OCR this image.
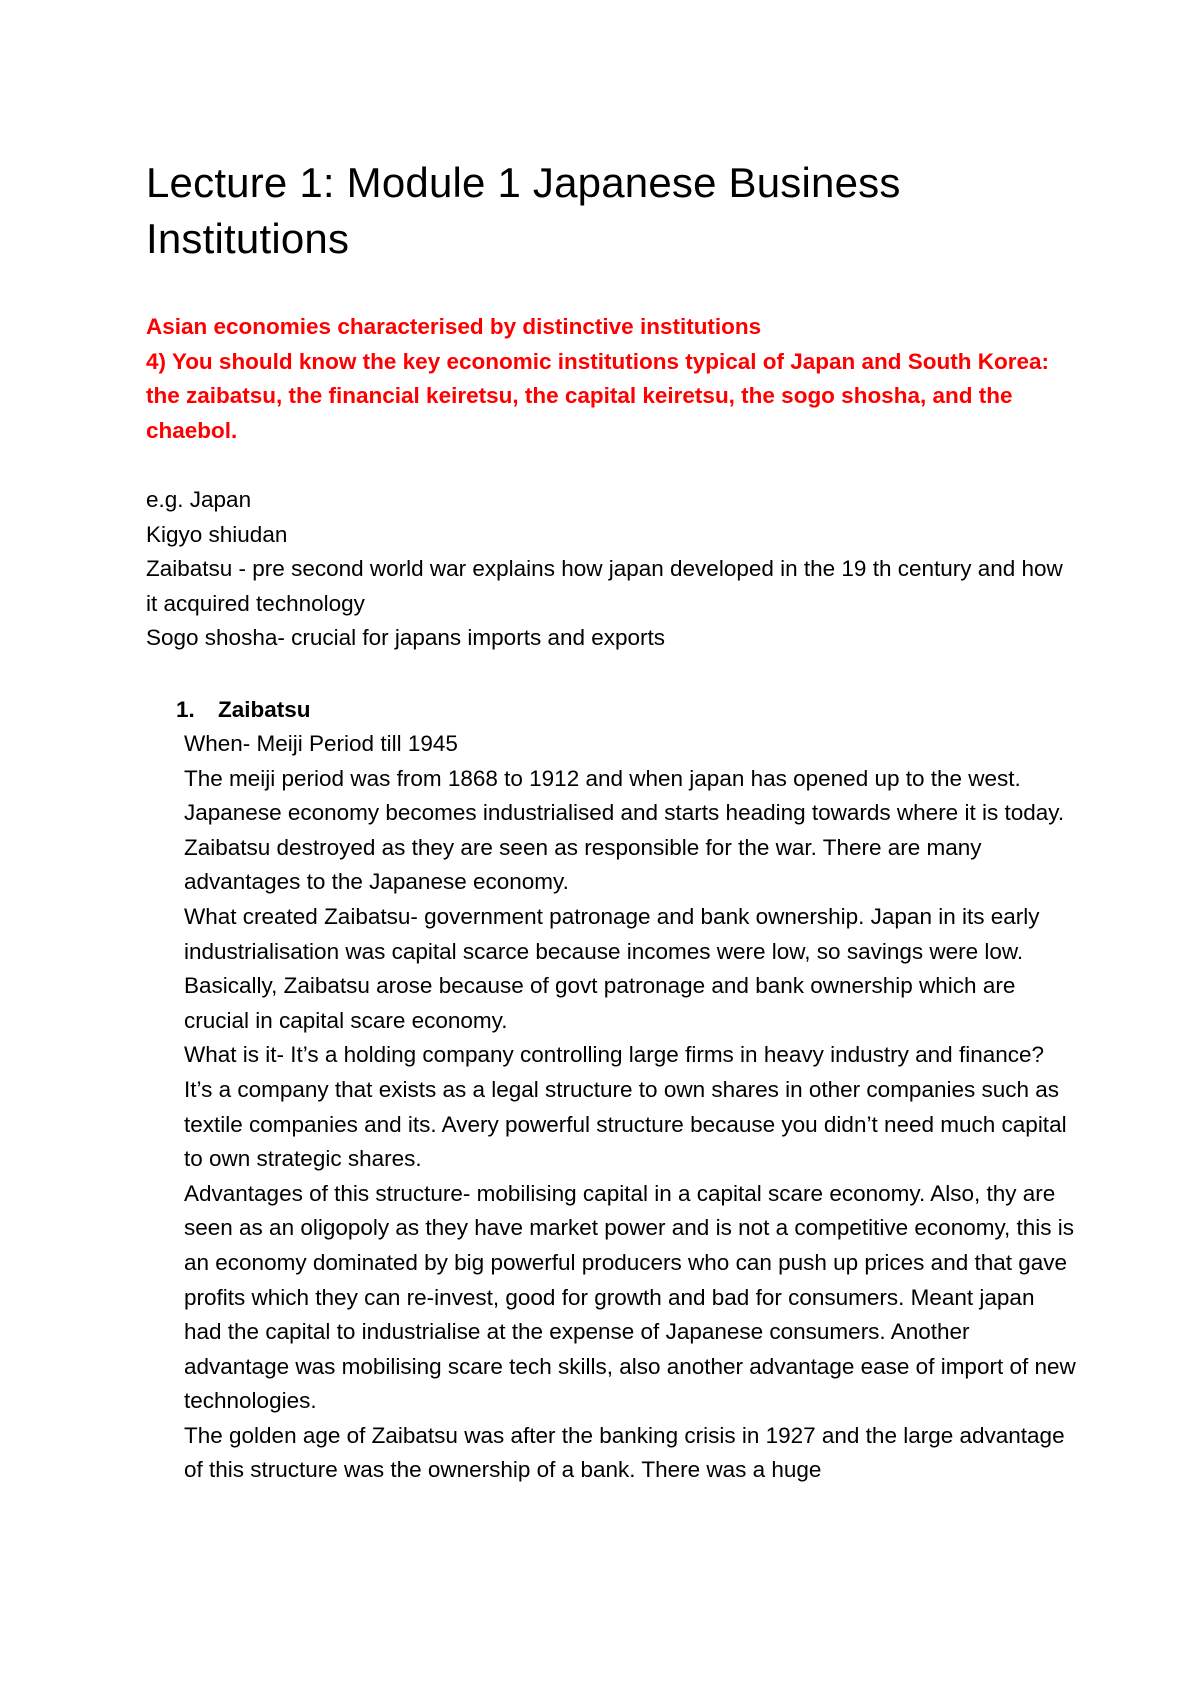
Lecture 1: Module 1 Japanese Business Institutions

Asian economies characterised by distinctive institutions

4) You should know the key economic institutions typical of Japan and South Korea: the zaibatsu, the financial keiretsu, the capital keiretsu, the sogo shosha, and the chaebol.

e.g. Japan

Kigyo shiudan

Zaibatsu - pre second world war explains how japan developed in the 19 th century and how it acquired technology

Sogo shosha- crucial for japans imports and exports

1. Zaibatsu

When- Meiji Period till 1945

The meiji period was from 1868 to 1912 and when japan has opened up to the west. Japanese economy becomes industrialised and starts heading towards where it is today. Zaibatsu destroyed as they are seen as responsible for the war. There are many advantages to the Japanese economy.

What created Zaibatsu- government patronage and bank ownership. Japan in its early industrialisation was capital scarce because incomes were low, so savings were low. Basically, Zaibatsu arose because of govt patronage and bank ownership which are crucial in capital scare economy.

What is it- It’s a holding company controlling large firms in heavy industry and finance? It’s a company that exists as a legal structure to own shares in other companies such as textile companies and its. Avery powerful structure because you didn’t need much capital to own strategic shares.

Advantages of this structure- mobilising capital in a capital scare economy. Also, thy are seen as an oligopoly as they have market power and is not a competitive economy, this is an economy dominated by big powerful producers who can push up prices and that gave profits which they can re-invest, good for growth and bad for consumers. Meant japan had the capital to industrialise at the expense of Japanese consumers. Another advantage was mobilising scare tech skills, also another advantage ease of import of new technologies.

The golden age of Zaibatsu was after the banking crisis in 1927 and the large advantage of this structure was the ownership of a bank. There was a huge
